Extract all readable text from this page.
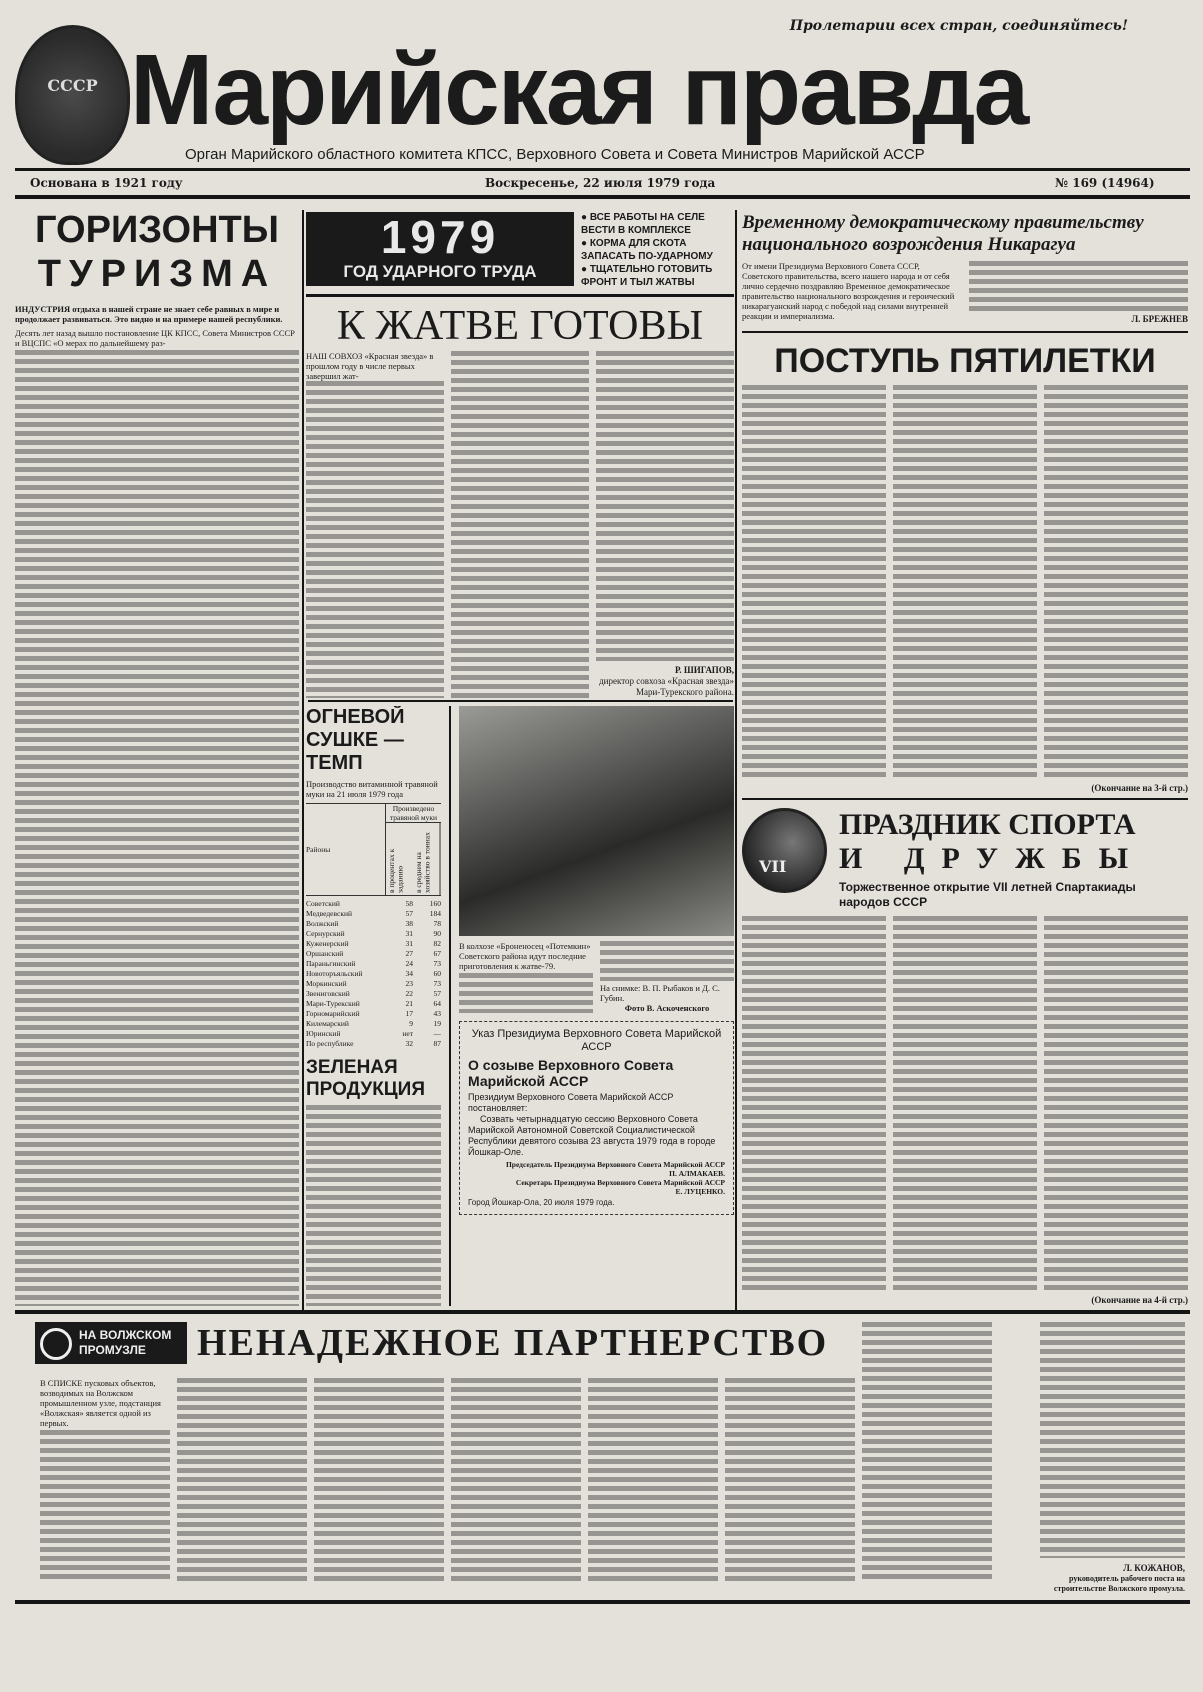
СССР Марийская правда
Пролетарии всех стран, соединяйтесь!
Орган Марийского областного комитета КПСС, Верховного Совета и Совета Министров Марийской АССР
Основана в 1921 году	Воскресенье, 22 июля 1979 года	№ 169 (14964)
ГОРИЗОНТЫ
ТУРИЗМА
ИНДУСТРИЯ отдыха в нашей стране не знает себе равных в мире и продолжает развиваться. Это видно и на примере нашей республики.
Десять лет назад вышло постановление ЦК КПСС, Совета Министров СССР и ВЦСПС «О мерах по дальнейшему раз-
1979
ГОД УДАРНОГО ТРУДА
● ВСЕ РАБОТЫ НА СЕЛЕ ВЕСТИ В КОМПЛЕКСЕ
● КОРМА ДЛЯ СКОТА ЗАПАСАТЬ ПО-УДАРНОМУ
● ТЩАТЕЛЬНО ГОТОВИТЬ ФРОНТ И ТЫЛ ЖАТВЫ
К ЖАТВЕ ГОТОВЫ
НАШ СОВХОЗ «Красная звезда» в прошлом году в числе первых завершил жат-
Р. ШИГАПОВ,
директор совхоза «Красная звезда» Мари-Турекского района.
ОГНЕВОЙ СУШКЕ — ТЕМП
Производство витаминной травяной муки на 21 июля 1979 года
Районы
Произведено травяной муки
в процентах к заданию	в среднем на хозяйство в тоннах
Советский	58	160
Медведевский	57	184
Волжский	38	78
Сернурский	31	90
Куженерский	31	82
Оршанский	27	67
Параньгинский	24	73
Новоторъяльский	34	60
Моркинский	23	73
Звениговский	22	57
Мари-Турекский	21	64
Горномарийский	17	43
Килемарский	9	19
Юринский	нет	—
По республике	32	87
ЗЕЛЕНАЯ ПРОДУКЦИЯ
В колхозе «Броненосец «Потемкин» Советского района идут последние приготовления к жатве-79.
На снимке: В. П. Рыбаков и Д. С. Губин.
Фото В. Аскоченского
Указ Президиума Верховного Совета Марийской АССР
О созыве Верховного Совета Марийской АССР
Президиум Верховного Совета Марийской АССР постановляет:
Созвать четырнадцатую сессию Верховного Совета Марийской Автономной Советской Социалистической Республики девятого созыва 23 августа 1979 года в городе Йошкар-Оле.
Председатель Президиума Верховного Совета Марийской АССР
П. АЛМАКАЕВ.
Секретарь Президиума Верховного Совета Марийской АССР
Е. ЛУЦЕНКО.
Город Йошкар-Ола, 20 июля 1979 года.
Временному демократическому правительству национального возрождения Никарагуа
От имени Президиума Верховного Совета СССР, Советского правительства, всего нашего народа и от себя лично сердечно поздравляю Временное демократическое правительство национального возрождения и героический никарагуанский народ с победой над силами внутренней реакции и империализма.	Л. БРЕЖНЕВ
ПОСТУПЬ ПЯТИЛЕТКИ
(Окончание на 3-й стр.)
VII
ПРАЗДНИК СПОРТА
И ДРУЖБЫ
Торжественное открытие VII летней Спартакиады народов СССР
(Окончание на 4-й стр.)
НА ВОЛЖСКОМ ПРОМУЗЛЕ	НЕНАДЕЖНОЕ ПАРТНЕРСТВО
В СПИСКЕ пусковых объектов, возводимых на Волжском промышленном узле, подстанция «Волжская» является одной из первых.
Л. КОЖАНОВ,
руководитель рабочего поста на строительстве Волжского промузла.
